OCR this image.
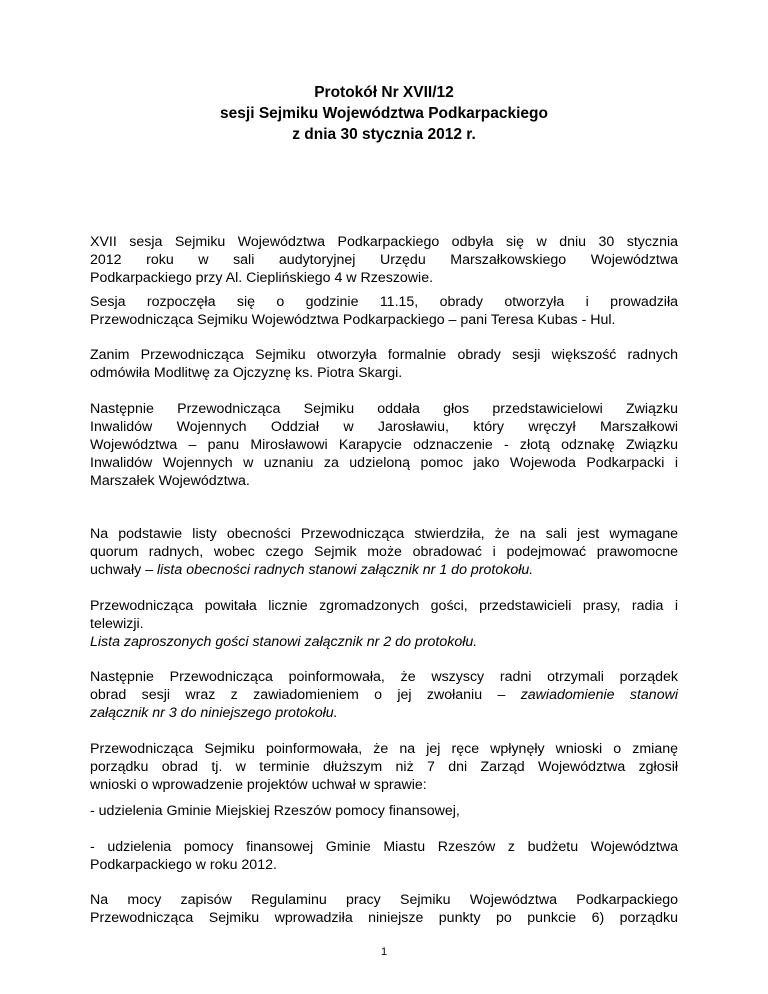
Protokół Nr XVII/12
sesji Sejmiku Województwa Podkarpackiego
z dnia 30 stycznia 2012 r.
XVII sesja Sejmiku Województwa Podkarpackiego odbyła się w dniu 30 stycznia
2012 roku w sali audytoryjnej Urzędu Marszałkowskiego Województwa
Podkarpackiego przy Al. Cieplińskiego 4 w Rzeszowie.
Sesja rozpoczęła się o godzinie 11.15, obrady otworzyła i prowadziła
Przewodnicząca Sejmiku Województwa Podkarpackiego – pani Teresa Kubas - Hul.
Zanim Przewodnicząca Sejmiku otworzyła formalnie obrady sesji większość radnych
odmówiła Modlitwę za Ojczyznę ks. Piotra Skargi.
Następnie Przewodnicząca Sejmiku oddała głos przedstawicielowi Związku
Inwalidów Wojennych Oddział w Jarosławiu, który wręczył Marszałkowi
Województwa – panu Mirosławowi Karapycie odznaczenie - złotą odznakę Związku
Inwalidów Wojennych w uznaniu za udzieloną pomoc jako Wojewoda Podkarpacki i
Marszałek Województwa.
Na podstawie listy obecności Przewodnicząca stwierdziła, że na sali jest wymagane
quorum radnych, wobec czego Sejmik może obradować i podejmować prawomocne
uchwały – lista obecności radnych stanowi załącznik nr 1 do protokołu.
Przewodnicząca powitała licznie zgromadzonych gości, przedstawicieli prasy, radia i
telewizji.
Lista zaproszonych gości stanowi załącznik nr 2 do protokołu.
Następnie Przewodnicząca poinformowała, że wszyscy radni otrzymali porządek
obrad sesji wraz z zawiadomieniem o jej zwołaniu – zawiadomienie stanowi
załącznik nr 3 do niniejszego protokołu.
Przewodnicząca Sejmiku poinformowała, że na jej ręce wpłynęły wnioski o zmianę
porządku obrad tj. w terminie dłuższym niż 7 dni Zarząd Województwa zgłosił
wnioski o wprowadzenie projektów uchwał w sprawie:
- udzielenia Gminie Miejskiej Rzeszów pomocy finansowej,
- udzielenia pomocy finansowej Gminie Miastu Rzeszów z budżetu Województwa
Podkarpackiego w roku 2012.
Na mocy zapisów Regulaminu pracy Sejmiku Województwa Podkarpackiego
Przewodnicząca Sejmiku wprowadziła niniejsze punkty po punkcie 6) porządku
1
